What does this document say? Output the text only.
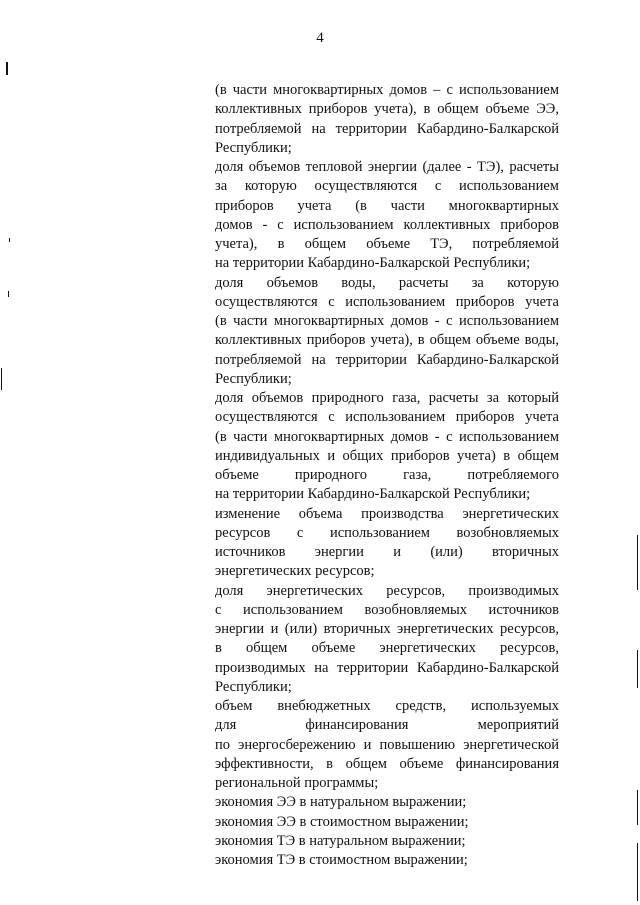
4
(в части многоквартирных домов – с использованием
коллективных приборов учета), в общем объеме ЭЭ,
потребляемой на территории Кабардино-Балкарской
Республики;
доля объемов тепловой энергии (далее - ТЭ), расчеты
за которую осуществляются с использованием
приборов учета (в части многоквартирных
домов - с использованием коллективных приборов
учета), в общем объеме ТЭ, потребляемой
на территории Кабардино-Балкарской Республики;
доля объемов воды, расчеты за которую
осуществляются с использованием приборов учета
(в части многоквартирных домов - с использованием
коллективных приборов учета), в общем объеме воды,
потребляемой на территории Кабардино-Балкарской
Республики;
доля объемов природного газа, расчеты за который
осуществляются с использованием приборов учета
(в части многоквартирных домов - с использованием
индивидуальных и общих приборов учета) в общем
объеме природного газа, потребляемого
на территории Кабардино-Балкарской Республики;
изменение объема производства энергетических
ресурсов с использованием возобновляемых
источников энергии и (или) вторичных
энергетических ресурсов;
доля энергетических ресурсов, производимых
с использованием возобновляемых источников
энергии и (или) вторичных энергетических ресурсов,
в общем объеме энергетических ресурсов,
производимых на территории Кабардино-Балкарской
Республики;
объем внебюджетных средств, используемых
для финансирования мероприятий
по энергосбережению и повышению энергетической
эффективности, в общем объеме финансирования
региональной программы;
экономия ЭЭ в натуральном выражении;
экономия ЭЭ в стоимостном выражении;
экономия ТЭ в натуральном выражении;
экономия ТЭ в стоимостном выражении;
